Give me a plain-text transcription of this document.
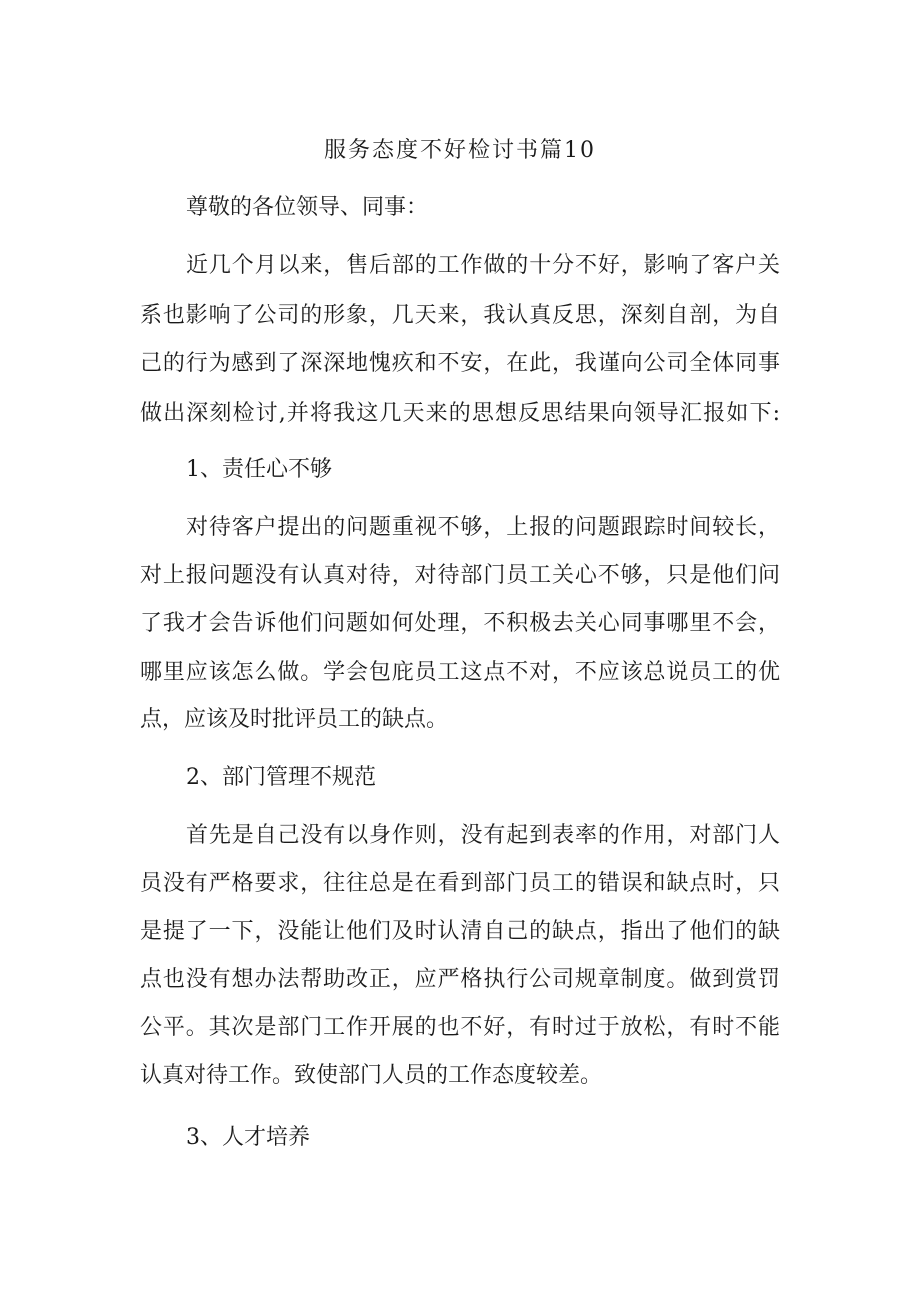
服务态度不好检讨书篇10
尊敬的各位领导、同事：
近几个月以来，售后部的工作做的十分不好，影响了客户关
系也影响了公司的形象，几天来，我认真反思，深刻自剖，为自
己的行为感到了深深地愧疚和不安，在此，我谨向公司全体同事
做出深刻检讨,并将我这几天来的思想反思结果向领导汇报如下:
1、责任心不够
对待客户提出的问题重视不够，上报的问题跟踪时间较长，
对上报问题没有认真对待，对待部门员工关心不够，只是他们问
了我才会告诉他们问题如何处理，不积极去关心同事哪里不会，
哪里应该怎么做。学会包庇员工这点不对，不应该总说员工的优
点，应该及时批评员工的缺点。
2、部门管理不规范
首先是自己没有以身作则，没有起到表率的作用，对部门人
员没有严格要求，往往总是在看到部门员工的错误和缺点时，只
是提了一下，没能让他们及时认清自己的缺点，指出了他们的缺
点也没有想办法帮助改正，应严格执行公司规章制度。做到赏罚
公平。其次是部门工作开展的也不好，有时过于放松，有时不能
认真对待工作。致使部门人员的工作态度较差。
3、人才培养
